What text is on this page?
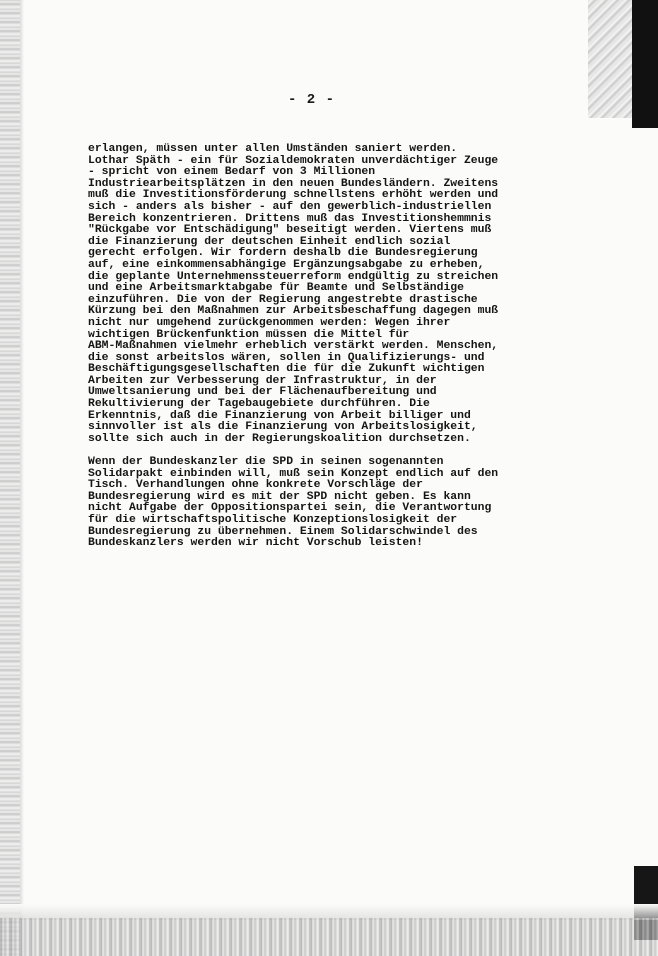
- 2 -
erlangen, müssen unter allen Umständen saniert werden.
Lothar Späth - ein für Sozialdemokraten unverdächtiger Zeuge
- spricht von einem Bedarf von 3 Millionen
Industriearbeitsplätzen in den neuen Bundesländern. Zweitens
muß die Investitionsförderung schnellstens erhöht werden und
sich - anders als bisher - auf den gewerblich-industriellen
Bereich konzentrieren. Drittens muß das Investitionshemmnis
"Rückgabe vor Entschädigung" beseitigt werden. Viertens muß
die Finanzierung der deutschen Einheit endlich sozial
gerecht erfolgen. Wir fordern deshalb die Bundesregierung
auf, eine einkommensabhängige Ergänzungsabgabe zu erheben,
die geplante Unternehmenssteuerreform endgültig zu streichen
und eine Arbeitsmarktabgabe für Beamte und Selbständige
einzuführen. Die von der Regierung angestrebte drastische
Kürzung bei den Maßnahmen zur Arbeitsbeschaffung dagegen muß
nicht nur umgehend zurückgenommen werden: Wegen ihrer
wichtigen Brückenfunktion müssen die Mittel für
ABM-Maßnahmen vielmehr erheblich verstärkt werden. Menschen,
die sonst arbeitslos wären, sollen in Qualifizierungs- und
Beschäftigungsgesellschaften die für die Zukunft wichtigen
Arbeiten zur Verbesserung der Infrastruktur, in der
Umweltsanierung und bei der Flächenaufbereitung und
Rekultivierung der Tagebaugebiete durchführen. Die
Erkenntnis, daß die Finanzierung von Arbeit billiger und
sinnvoller ist als die Finanzierung von Arbeitslosigkeit,
sollte sich auch in der Regierungskoalition durchsetzen.
Wenn der Bundeskanzler die SPD in seinen sogenannten
Solidarpakt einbinden will, muß sein Konzept endlich auf den
Tisch. Verhandlungen ohne konkrete Vorschläge der
Bundesregierung wird es mit der SPD nicht geben. Es kann
nicht Aufgabe der Oppositionspartei sein, die Verantwortung
für die wirtschaftspolitische Konzeptionslosigkeit der
Bundesregierung zu übernehmen. Einem Solidarschwindel des
Bundeskanzlers werden wir nicht Vorschub leisten!
